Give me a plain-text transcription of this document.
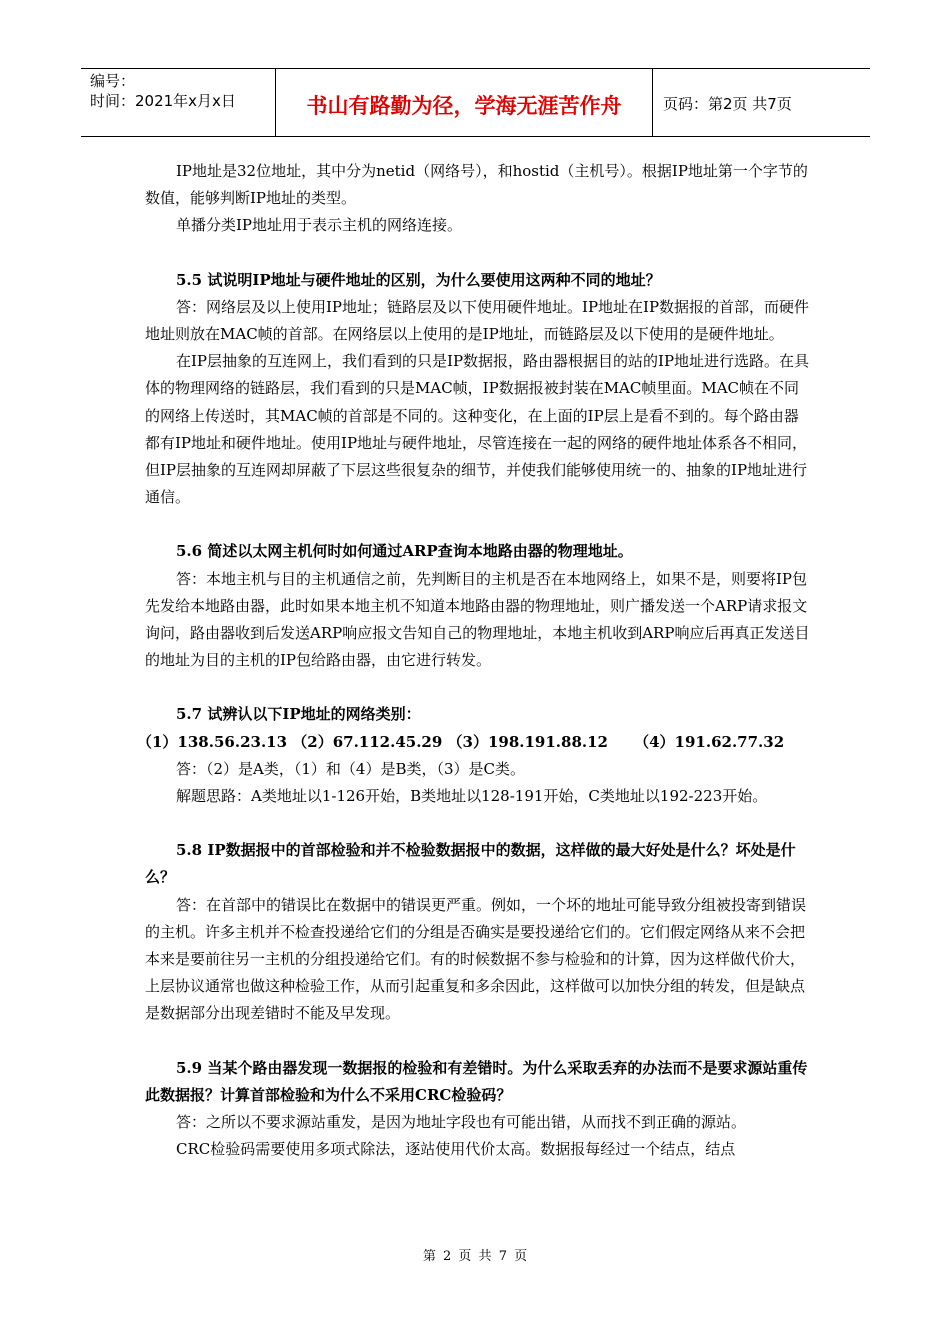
编号：
时间：2021年x月x日	书山有路勤为径，学海无涯苦作舟	页码：第2页 共7页

IP地址是32位地址，其中分为netid（网络号），和hostid（主机号）。根据IP地址第一个字节的数值，能够判断IP地址的类型。

单播分类IP地址用于表示主机的网络连接。

5.5 试说明IP地址与硬件地址的区别，为什么要使用这两种不同的地址？

答：网络层及以上使用IP地址；链路层及以下使用硬件地址。IP地址在IP数据报的首部，而硬件地址则放在MAC帧的首部。在网络层以上使用的是IP地址，而链路层及以下使用的是硬件地址。

在IP层抽象的互连网上，我们看到的只是IP数据报，路由器根据目的站的IP地址进行选路。在具体的物理网络的链路层，我们看到的只是MAC帧，IP数据报被封装在MAC帧里面。MAC帧在不同的网络上传送时，其MAC帧的首部是不同的。这种变化，在上面的IP层上是看不到的。每个路由器都有IP地址和硬件地址。使用IP地址与硬件地址，尽管连接在一起的网络的硬件地址体系各不相同，但IP层抽象的互连网却屏蔽了下层这些很复杂的细节，并使我们能够使用统一的、抽象的IP地址进行通信。

5.6 简述以太网主机何时如何通过ARP查询本地路由器的物理地址。

答：本地主机与目的主机通信之前，先判断目的主机是否在本地网络上，如果不是，则要将IP包先发给本地路由器，此时如果本地主机不知道本地路由器的物理地址，则广播发送一个ARP请求报文询问，路由器收到后发送ARP响应报文告知自己的物理地址，本地主机收到ARP响应后再真正发送目的地址为目的主机的IP包给路由器，由它进行转发。

5.7 试辨认以下IP地址的网络类别：

（1）138.56.23.13 （2）67.112.45.29 （3）198.191.88.12     （4）191.62.77.32

答：（2）是A类，（1）和（4）是B类，（3）是C类。

解题思路：A类地址以1-126开始，B类地址以128-191开始，C类地址以192-223开始。

5.8 IP数据报中的首部检验和并不检验数据报中的数据，这样做的最大好处是什么？坏处是什么？

答：在首部中的错误比在数据中的错误更严重。例如，一个坏的地址可能导致分组被投寄到错误的主机。许多主机并不检查投递给它们的分组是否确实是要投递给它们的。它们假定网络从来不会把本来是要前往另一主机的分组投递给它们。有的时候数据不参与检验和的计算，因为这样做代价大，上层协议通常也做这种检验工作，从而引起重复和多余因此，这样做可以加快分组的转发，但是缺点是数据部分出现差错时不能及早发现。

5.9 当某个路由器发现一数据报的检验和有差错时。为什么采取丢弃的办法而不是要求源站重传此数据报？计算首部检验和为什么不采用CRC检验码？

答：之所以不要求源站重发，是因为地址字段也有可能出错，从而找不到正确的源站。

CRC检验码需要使用多项式除法，逐站使用代价太高。数据报每经过一个结点，结点

第 2 页 共 7 页
